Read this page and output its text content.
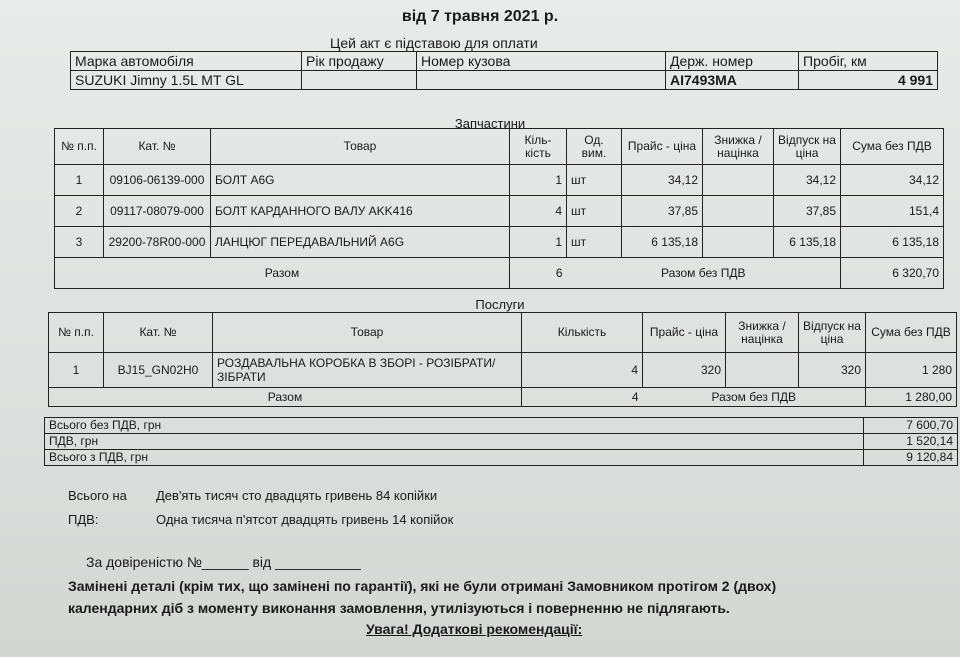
від 7 травня 2021 р.
Цей акт є підставою для оплати
Марка автомобіля	Рік продажу	Номер кузова	Держ. номер	Пробіг, км
SUZUKI Jimny 1.5L MT GL			AI7493MA	4 991
Запчастини
№ п.п.	Кат. №	Товар	Кіль-кість	Од. вим.	Прайс - ціна	Знижка / націнка	Відпуск на ціна	Сума без ПДВ
1	09106-06139-000	БОЛТ A6G	1	шт	34,12		34,12	34,12
2	09117-08079-000	БОЛТ КАРДАННОГО ВАЛУ AKK416	4	шт	37,85		37,85	151,4
3	29200-78R00-000	ЛАНЦЮГ ПЕРЕДАВАЛЬНИЙ A6G	1	шт	6 135,18		6 135,18	6 135,18
Разом			6	Разом без ПДВ				6 320,70
Послуги
№ п.п.	Кат. №	Товар	Кількість	Прайс - ціна	Знижка / націнка	Відпуск на ціна	Сума без ПДВ
1	BJ15_GN02H0	РОЗДАВАЛЬНА КОРОБКА В ЗБОРІ - РОЗІБРАТИ/ЗІБРАТИ	4	320		320	1 280
Разом			4	Разом без ПДВ			1 280,00
Всього без ПДВ, грн	7 600,70
ПДВ, грн	1 520,14
Всього з ПДВ, грн	9 120,84
Всього на Дев'ять тисяч сто двадцять гривень 84 копійки
ПДВ:	Одна тисяча п'ятсот двадцять гривень 14 копійок
За довіреністю №______ від ___________
Замінені деталі (крім тих, що замінені по гарантії), які не були отримані Замовником протігом 2 (двох)
календарних діб з моменту виконання замовлення, утилізуються і поверненню не підлягають.
Увага! Додаткові рекомендації:
